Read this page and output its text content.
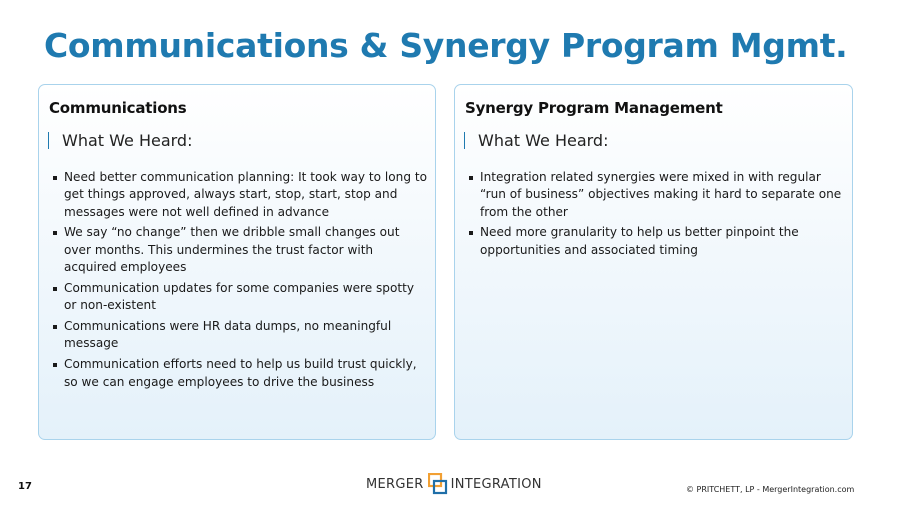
Communications & Synergy Program Mgmt.
Communications
What We Heard:
Need better communication planning: It took way to long to get things approved, always start, stop, start, stop and messages were not well defined in advance
We say “no change” then we dribble small changes out over months. This undermines the trust factor with acquired employees
Communication updates for some companies were spotty or non-existent
Communications were HR data dumps, no meaningful message
Communication efforts need to help us build trust quickly, so we can engage employees to drive the business
Synergy Program Management
What We Heard:
Integration related synergies were mixed in with regular “run of business” objectives making it hard to separate one from the other
Need more granularity to help us better pinpoint the opportunities and associated timing
17	MERGER INTEGRATION	© PRITCHETT, LP - MergerIntegration.com
